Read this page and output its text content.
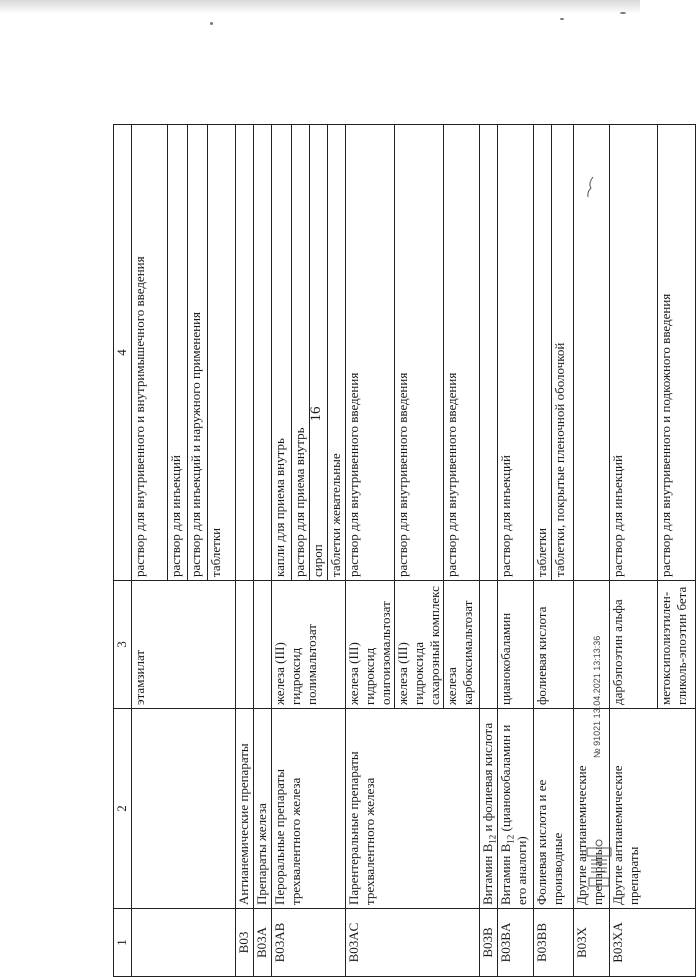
16
1	2	3	4
		этамзилат	раствор для внутривенного и внутримышечного введения
			раствор для инъекций
			раствор для инъекций и наружного применения
			таблетки
B03	Антианемические препараты		
B03A	Препараты железа		
B03AB	Пероральные препараты трехвалентного железа	железа (III) гидроксид полимальтозат	капли для приема внутрь
			раствор для приема внутрь
			сироп
			таблетки жевательные
B03AC	Парентеральные препараты трехвалентного железа	железа (III) гидроксид олигоизомальтозат	раствор для внутривенного введения
		железа (III) гидроксида сахарозный комплекс	раствор для внутривенного введения
		железа карбоксимальтозат	раствор для внутривенного введения
B03B	Витамин $B_{12}$ и фолиевая кислота		
B03BA	Витамин $B_{12}$ (цианокобаламин и его аналоги)	цианокобаламин	раствор для инъекций
B03BB	Фолиевая кислота и ее производные	фолиевая кислота	таблетки
			таблетки, покрытые пленочной оболочкой
B03X	Другие антианемические препараты		
B03XA	Другие антианемические препараты	дарбэпоэтин альфа	раствор для инъекций
		метоксиполиэтилен-гликоль-эпоэтин бета	раствор для внутривенного и подкожного введения
№ 91021 13.04.2021 13:13:36
